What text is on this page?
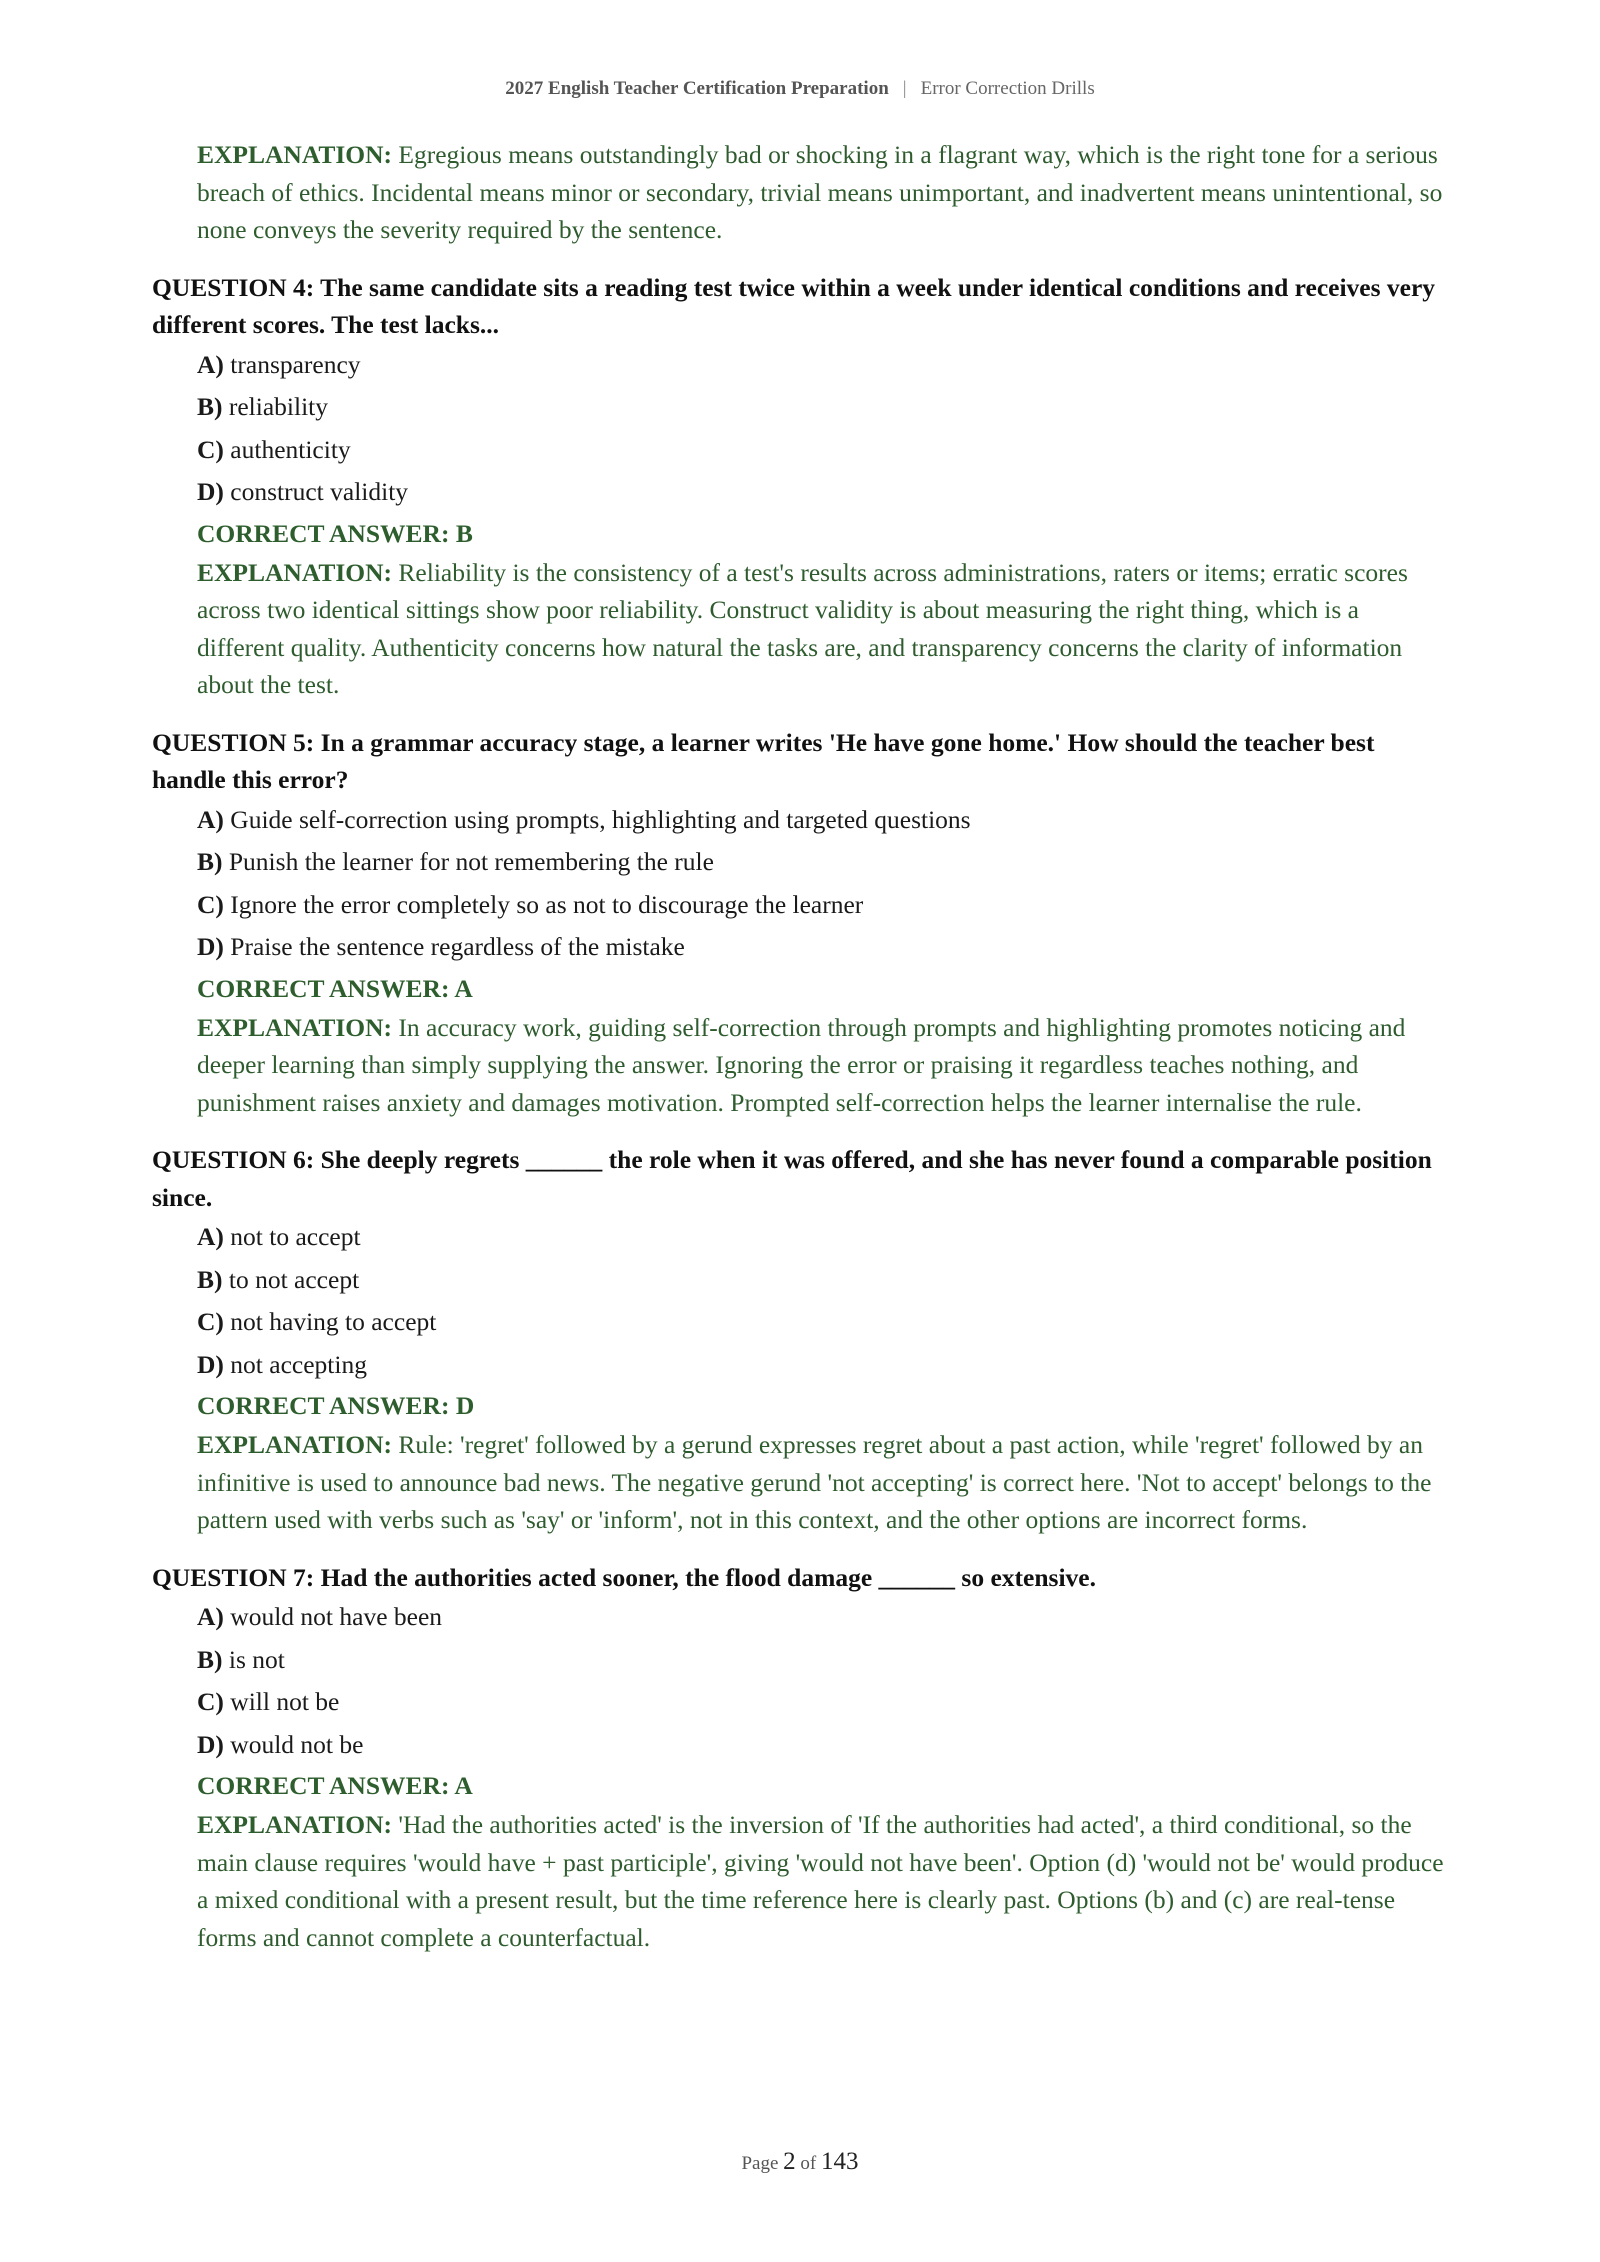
2027 English Teacher Certification Preparation | Error Correction Drills

EXPLANATION: Egregious means outstandingly bad or shocking in a flagrant way, which is the right tone for a serious breach of ethics. Incidental means minor or secondary, trivial means unimportant, and inadvertent means unintentional, so none conveys the severity required by the sentence.

QUESTION 4: The same candidate sits a reading test twice within a week under identical conditions and receives very different scores. The test lacks...

A) transparency

B) reliability

C) authenticity

D) construct validity

CORRECT ANSWER: B

EXPLANATION: Reliability is the consistency of a test's results across administrations, raters or items; erratic scores across two identical sittings show poor reliability. Construct validity is about measuring the right thing, which is a different quality. Authenticity concerns how natural the tasks are, and transparency concerns the clarity of information about the test.

QUESTION 5: In a grammar accuracy stage, a learner writes 'He have gone home.' How should the teacher best handle this error?

A) Guide self-correction using prompts, highlighting and targeted questions

B) Punish the learner for not remembering the rule

C) Ignore the error completely so as not to discourage the learner

D) Praise the sentence regardless of the mistake

CORRECT ANSWER: A

EXPLANATION: In accuracy work, guiding self-correction through prompts and highlighting promotes noticing and deeper learning than simply supplying the answer. Ignoring the error or praising it regardless teaches nothing, and punishment raises anxiety and damages motivation. Prompted self-correction helps the learner internalise the rule.

QUESTION 6: She deeply regrets ______ the role when it was offered, and she has never found a comparable position since.

A) not to accept

B) to not accept

C) not having to accept

D) not accepting

CORRECT ANSWER: D

EXPLANATION: Rule: 'regret' followed by a gerund expresses regret about a past action, while 'regret' followed by an infinitive is used to announce bad news. The negative gerund 'not accepting' is correct here. 'Not to accept' belongs to the pattern used with verbs such as 'say' or 'inform', not in this context, and the other options are incorrect forms.

QUESTION 7: Had the authorities acted sooner, the flood damage ______ so extensive.

A) would not have been

B) is not

C) will not be

D) would not be

CORRECT ANSWER: A

EXPLANATION: 'Had the authorities acted' is the inversion of 'If the authorities had acted', a third conditional, so the main clause requires 'would have + past participle', giving 'would not have been'. Option (d) 'would not be' would produce a mixed conditional with a present result, but the time reference here is clearly past. Options (b) and (c) are real-tense forms and cannot complete a counterfactual.

Page 2 of 143
